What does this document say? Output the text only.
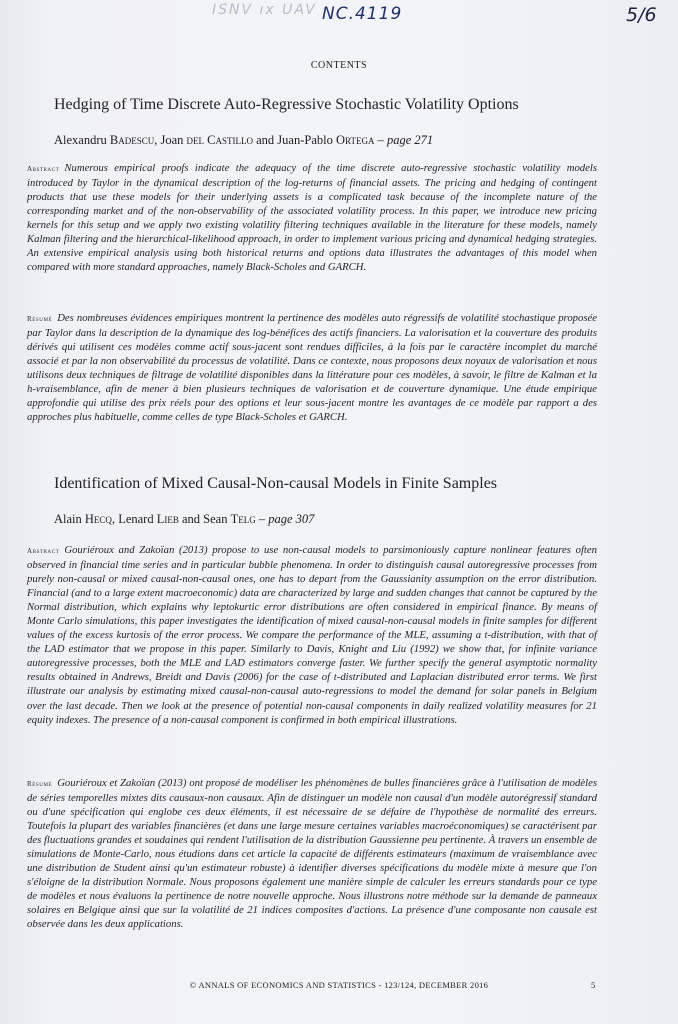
ISNV ıx UAV NC.4119	5/6
CONTENTS
Hedging of Time Discrete Auto-Regressive Stochastic Volatility Options
Alexandru Badescu, Joan del Castillo and Juan-Pablo Ortega – page 271
Abstract Numerous empirical proofs indicate the adequacy of the time discrete auto-regressive stochastic volatility models introduced by Taylor in the dynamical description of the log-returns of financial assets. The pricing and hedging of contingent products that use these models for their underlying assets is a complicated task because of the incomplete nature of the corresponding market and of the non-observability of the associated volatility process. In this paper, we introduce new pricing kernels for this setup and we apply two existing volatility filtering techniques available in the literature for these models, namely Kalman filtering and the hierarchical-likelihood approach, in order to implement various pricing and dynamical hedging strategies. An extensive empirical analysis using both historical returns and options data illustrates the advantages of this model when compared with more standard approaches, namely Black-Scholes and GARCH.
Résumé Des nombreuses évidences empiriques montrent la pertinence des modèles auto régressifs de volatilité stochastique proposée par Taylor dans la description de la dynamique des log-bénéfices des actifs financiers. La valorisation et la couverture des produits dérivés qui utilisent ces modèles comme actif sous-jacent sont rendues difficiles, à la fois par le caractère incomplet du marché associé et par la non observabilité du processus de volatilité. Dans ce contexte, nous proposons deux noyaux de valorisation et nous utilisons deux techniques de filtrage de volatilité disponibles dans la littérature pour ces modèles, à savoir, le filtre de Kalman et la h-vraisemblance, afin de mener à bien plusieurs techniques de valorisation et de couverture dynamique. Une étude empirique approfondie qui utilise des prix réels pour des options et leur sous-jacent montre les avantages de ce modèle par rapport a des approches plus habituelle, comme celles de type Black-Scholes et GARCH.
Identification of Mixed Causal-Non-causal Models in Finite Samples
Alain Hecq, Lenard Lieb and Sean Telg – page 307
Abstract Gouriéroux and Zakoïan (2013) propose to use non-causal models to parsimoniously capture nonlinear features often observed in financial time series and in particular bubble phenomena. In order to distinguish causal autoregressive processes from purely non-causal or mixed causal-non-causal ones, one has to depart from the Gaussianity assumption on the error distribution. Financial (and to a large extent macroeconomic) data are characterized by large and sudden changes that cannot be captured by the Normal distribution, which explains why leptokurtic error distributions are often considered in empirical finance. By means of Monte Carlo simulations, this paper investigates the identification of mixed causal-non-causal models in finite samples for different values of the excess kurtosis of the error process. We compare the performance of the MLE, assuming a t-distribution, with that of the LAD estimator that we propose in this paper. Similarly to Davis, Knight and Liu (1992) we show that, for infinite variance autoregressive processes, both the MLE and LAD estimators converge faster. We further specify the general asymptotic normality results obtained in Andrews, Breidt and Davis (2006) for the case of t-distributed and Laplacian distributed error terms. We first illustrate our analysis by estimating mixed causal-non-causal auto-regressions to model the demand for solar panels in Belgium over the last decade. Then we look at the presence of potential non-causal components in daily realized volatility measures for 21 equity indexes. The presence of a non-causal component is confirmed in both empirical illustrations.
Résumé Gouriéroux et Zakoïan (2013) ont proposé de modéliser les phénomènes de bulles financières grâce à l'utilisation de modèles de séries temporelles mixtes dits causaux-non causaux. Afin de distinguer un modèle non causal d'un modèle autorégressif standard ou d'une spécification qui englobe ces deux éléments, il est nécessaire de se défaire de l'hypothèse de normalité des erreurs. Toutefois la plupart des variables financières (et dans une large mesure certaines variables macroéconomiques) se caractérisent par des fluctuations grandes et soudaines qui rendent l'utilisation de la distribution Gaussienne peu pertinente. À travers un ensemble de simulations de Monte-Carlo, nous étudions dans cet article la capacité de différents estimateurs (maximum de vraisemblance avec une distribution de Student ainsi qu'un estimateur robuste) à identifier diverses spécifications du modèle mixte à mesure que l'on s'éloigne de la distribution Normale. Nous proposons également une manière simple de calculer les erreurs standards pour ce type de modèles et nous évaluons la pertinence de notre nouvelle approche. Nous illustrons notre méthode sur la demande de panneaux solaires en Belgique ainsi que sur la volatilité de 21 indices composites d'actions. La présence d'une composante non causale est observée dans les deux applications.
© ANNALS OF ECONOMICS AND STATISTICS - 123/124, DECEMBER 2016	5
